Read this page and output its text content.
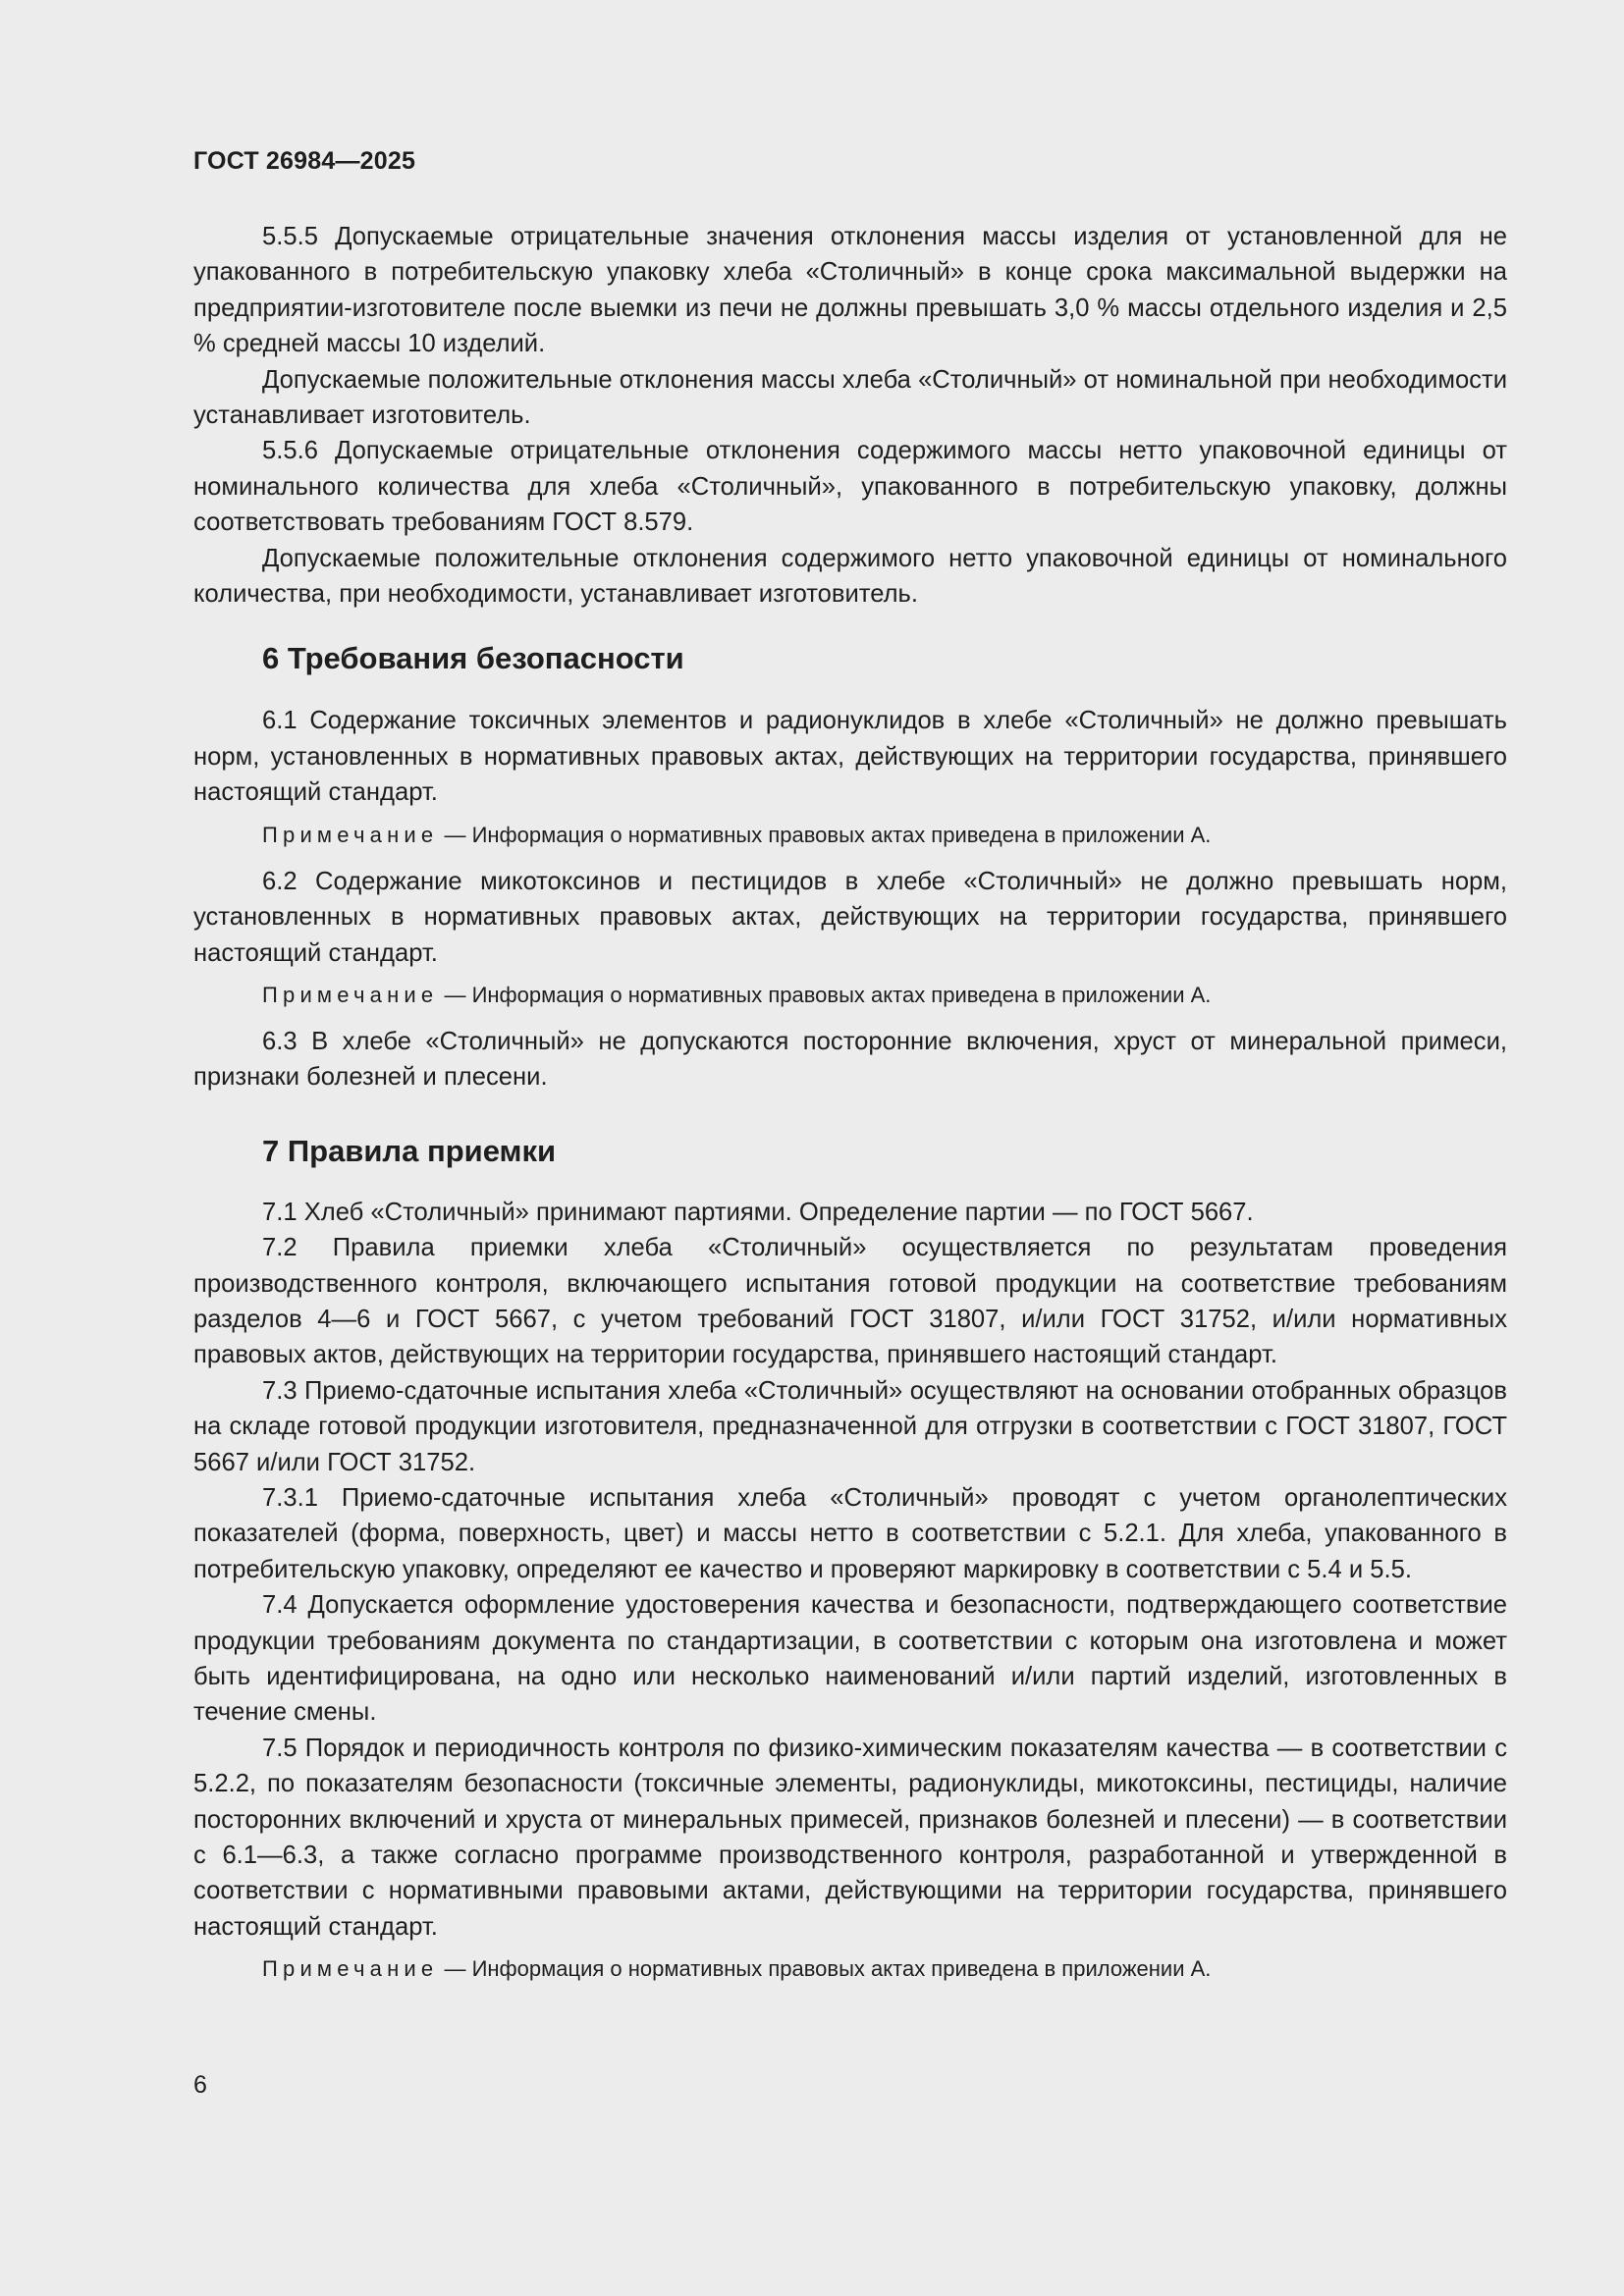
ГОСТ 26984—2025

5.5.5 Допускаемые отрицательные значения отклонения массы изделия от установленной для не упакованного в потребительскую упаковку хлеба «Столичный» в конце срока максимальной выдержки на предприятии-изготовителе после выемки из печи не должны превышать 3,0 % массы отдельного изделия и 2,5 % средней массы 10 изделий.

Допускаемые положительные отклонения массы хлеба «Столичный» от номинальной при необходимости устанавливает изготовитель.

5.5.6 Допускаемые отрицательные отклонения содержимого массы нетто упаковочной единицы от номинального количества для хлеба «Столичный», упакованного в потребительскую упаковку, должны соответствовать требованиям ГОСТ 8.579.

Допускаемые положительные отклонения содержимого нетто упаковочной единицы от номинального количества, при необходимости, устанавливает изготовитель.

6 Требования безопасности

6.1 Содержание токсичных элементов и радионуклидов в хлебе «Столичный» не должно превышать норм, установленных в нормативных правовых актах, действующих на территории государства, принявшего настоящий стандарт.

Примечание — Информация о нормативных правовых актах приведена в приложении А.

6.2 Содержание микотоксинов и пестицидов в хлебе «Столичный» не должно превышать норм, установленных в нормативных правовых актах, действующих на территории государства, принявшего настоящий стандарт.

Примечание — Информация о нормативных правовых актах приведена в приложении А.

6.3 В хлебе «Столичный» не допускаются посторонние включения, хруст от минеральной примеси, признаки болезней и плесени.

7 Правила приемки

7.1 Хлеб «Столичный» принимают партиями. Определение партии — по ГОСТ 5667.

7.2 Правила приемки хлеба «Столичный» осуществляется по результатам проведения производственного контроля, включающего испытания готовой продукции на соответствие требованиям разделов 4—6 и ГОСТ 5667, с учетом требований ГОСТ 31807, и/или ГОСТ 31752, и/или нормативных правовых актов, действующих на территории государства, принявшего настоящий стандарт.

7.3 Приемо-сдаточные испытания хлеба «Столичный» осуществляют на основании отобранных образцов на складе готовой продукции изготовителя, предназначенной для отгрузки в соответствии с ГОСТ 31807, ГОСТ 5667 и/или ГОСТ 31752.

7.3.1 Приемо-сдаточные испытания хлеба «Столичный» проводят с учетом органолептических показателей (форма, поверхность, цвет) и массы нетто в соответствии с 5.2.1. Для хлеба, упакованного в потребительскую упаковку, определяют ее качество и проверяют маркировку в соответствии с 5.4 и 5.5.

7.4 Допускается оформление удостоверения качества и безопасности, подтверждающего соответствие продукции требованиям документа по стандартизации, в соответствии с которым она изготовлена и может быть идентифицирована, на одно или несколько наименований и/или партий изделий, изготовленных в течение смены.

7.5 Порядок и периодичность контроля по физико-химическим показателям качества — в соответствии с 5.2.2, по показателям безопасности (токсичные элементы, радионуклиды, микотоксины, пестициды, наличие посторонних включений и хруста от минеральных примесей, признаков болезней и плесени) — в соответствии с 6.1—6.3, а также согласно программе производственного контроля, разработанной и утвержденной в соответствии с нормативными правовыми актами, действующими на территории государства, принявшего настоящий стандарт.

Примечание — Информация о нормативных правовых актах приведена в приложении А.

6
